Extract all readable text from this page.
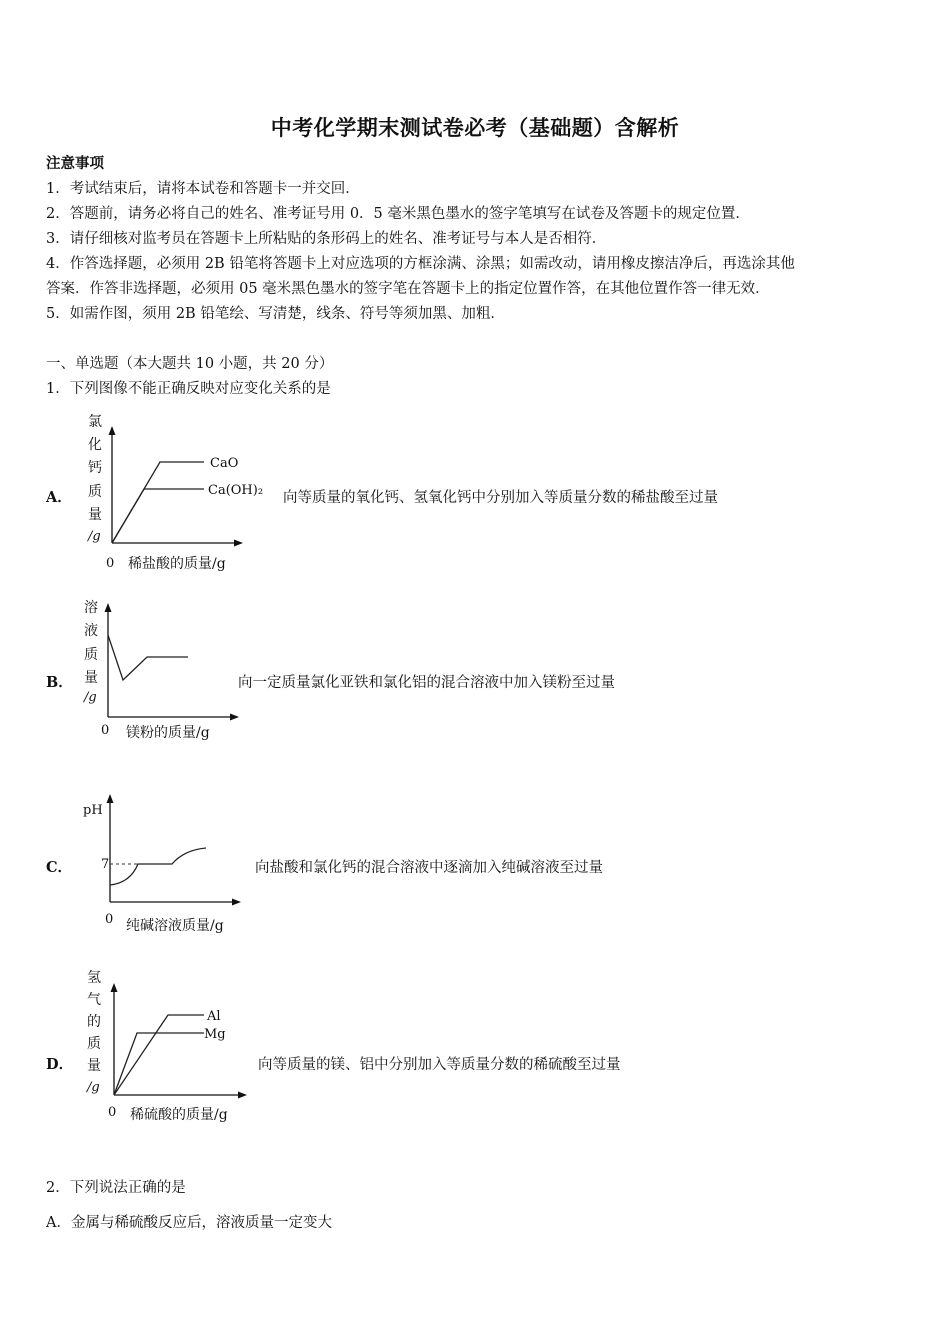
中考化学期末测试卷必考（基础题）含解析
注意事项
1．考试结束后，请将本试卷和答题卡一并交回．
2．答题前，请务必将自己的姓名、准考证号用 0．5 毫米黑色墨水的签字笔填写在试卷及答题卡的规定位置．
3．请仔细核对监考员在答题卡上所粘贴的条形码上的姓名、准考证号与本人是否相符．
4．作答选择题，必须用 2B 铅笔将答题卡上对应选项的方框涂满、涂黑；如需改动，请用橡皮擦洁净后，再选涂其他
答案．作答非选择题，必须用 05 毫米黑色墨水的签字笔在答题卡上的指定位置作答，在其他位置作答一律无效．
5．如需作图，须用 2B 铅笔绘、写清楚，线条、符号等须加黑、加粗．
一、单选题（本大题共 10 小题，共 20 分）
1．下列图像不能正确反映对应变化关系的是
A．
氯
化
钙
质
量
/g
CaO
Ca(OH)₂
0 稀盐酸的质量/g
向等质量的氧化钙、氢氧化钙中分别加入等质量分数的稀盐酸至过量
B．
溶
液
质
量
/g
0 镁粉的质量/g
向一定质量氯化亚铁和氯化铝的混合溶液中加入镁粉至过量
C．
pH
7
0 纯碱溶液质量/g
向盐酸和氯化钙的混合溶液中逐滴加入纯碱溶液至过量
D．
氢
气
的
质
量
/g
Al
Mg
0 稀硫酸的质量/g
向等质量的镁、铝中分别加入等质量分数的稀硫酸至过量
2．下列说法正确的是
A．金属与稀硫酸反应后，溶液质量一定变大
